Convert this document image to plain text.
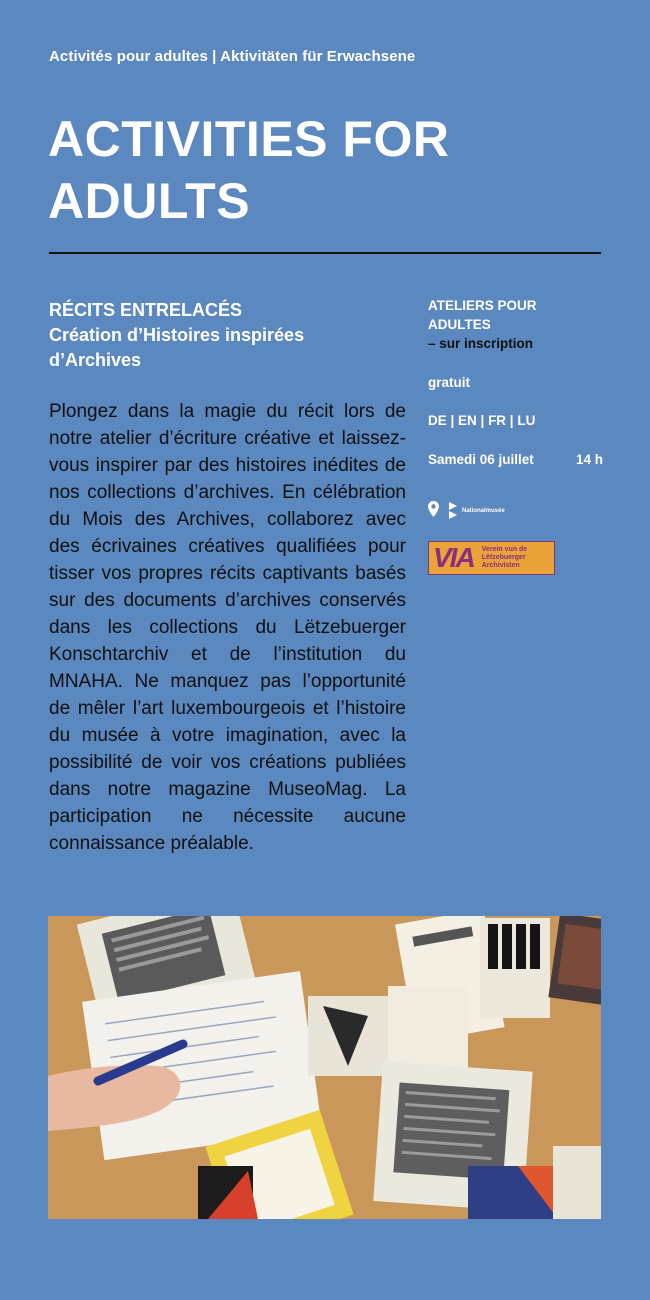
Activités pour adultes | Aktivitäten für Erwachsene
ACTIVITIES FOR
ADULTS
RÉCITS ENTRELACÉS
Création d’Histoires inspirées
d’Archives

Plongez dans la magie du récit lors de notre atelier d’écriture créative et laissez-vous inspirer par des histoires inédites de nos collections d’archives. En célébration du Mois des Archives, collaborez avec des écrivaines créatives qualifiées pour tisser vos propres récits captivants basés sur des documents d’archives conservés dans les collections du Lëtzebuerger Konschtarchiv et de l’institution du MNAHA. Ne manquez pas l’opportunité de mêler l’art luxembourgeois et l’histoire du musée à votre imagination, avec la possibilité de voir vos créations publiées dans notre magazine MuseoMag. La participation ne nécessite aucune connaissance préalable.

ATELIERS POUR
ADULTES
– sur inscription
gratuit
DE | EN | FR | LU
Samedi 06 juillet	14 h
Nationalmusée
VIA Verein vun de Lëtzebuerger Archivisten
